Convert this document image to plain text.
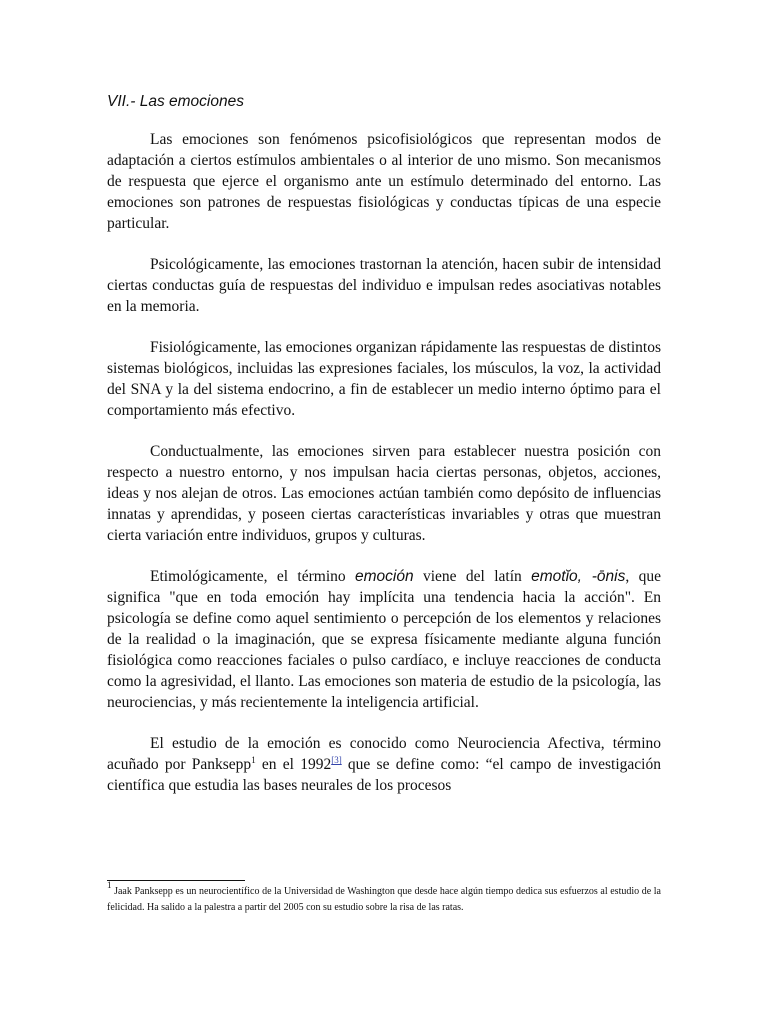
VII.- Las emociones

Las emociones son fenómenos psicofisiológicos que representan modos de adaptación a ciertos estímulos ambientales o al interior de uno mismo. Son mecanismos de respuesta que ejerce el organismo ante un estímulo determinado del entorno. Las emociones son patrones de respuestas fisiológicas y conductas típicas de una especie particular.

Psicológicamente, las emociones trastornan la atención, hacen subir de intensidad ciertas conductas guía de respuestas del individuo e impulsan redes asociativas notables en la memoria.

Fisiológicamente, las emociones organizan rápidamente las respuestas de distintos sistemas biológicos, incluidas las expresiones faciales, los músculos, la voz, la actividad del SNA y la del sistema endocrino, a fin de establecer un medio interno óptimo para el comportamiento más efectivo.

Conductualmente, las emociones sirven para establecer nuestra posición con respecto a nuestro entorno, y nos impulsan hacia ciertas personas, objetos, acciones, ideas y nos alejan de otros. Las emociones actúan también como depósito de influencias innatas y aprendidas, y poseen ciertas características invariables y otras que muestran cierta variación entre individuos, grupos y culturas.

Etimológicamente, el término emoción viene del latín emotĭo, -ōnis, que significa "que en toda emoción hay implícita una tendencia hacia la acción". En psicología se define como aquel sentimiento o percepción de los elementos y relaciones de la realidad o la imaginación, que se expresa físicamente mediante alguna función fisiológica como reacciones faciales o pulso cardíaco, e incluye reacciones de conducta como la agresividad, el llanto. Las emociones son materia de estudio de la psicología, las neurociencias, y más recientemente la inteligencia artificial.

El estudio de la emoción es conocido como Neurociencia Afectiva, término acuñado por Panksepp$^1$ en el 1992[3] que se define como: “el campo de investigación científica que estudia las bases neurales de los procesos

$^1$ Jaak Panksepp es un neurocientífico de la Universidad de Washington que desde hace algún tiempo dedica sus esfuerzos al estudio de la felicidad. Ha salido a la palestra a partir del 2005 con su estudio sobre la risa de las ratas.
